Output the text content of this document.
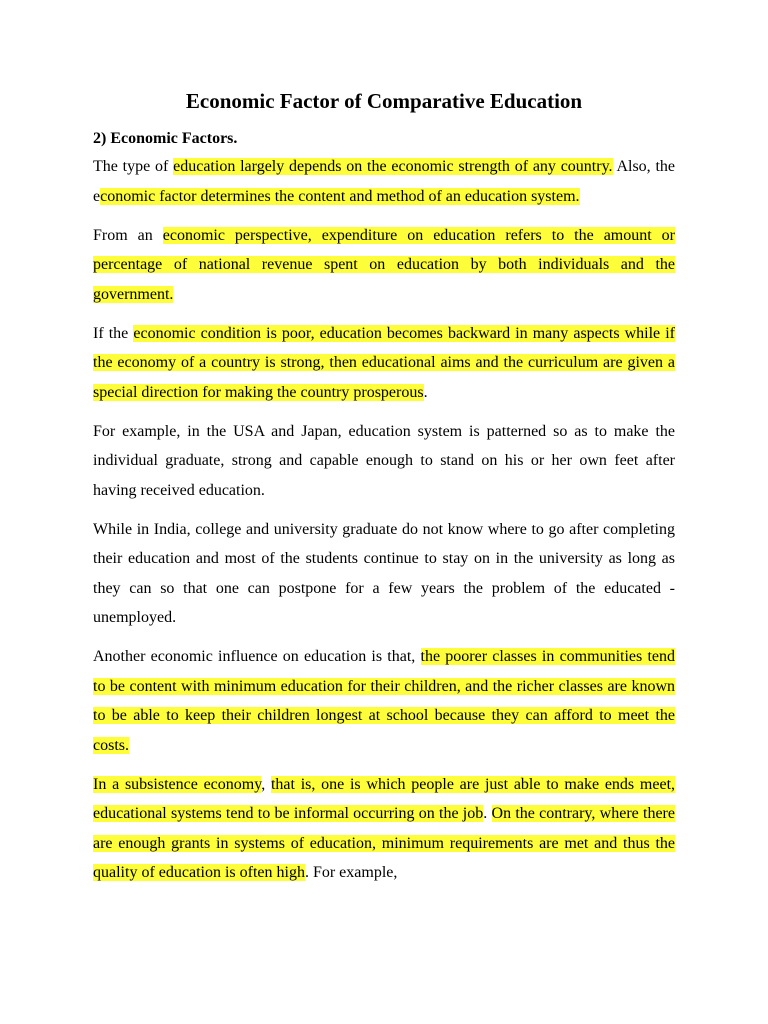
Economic Factor of Comparative Education
2) Economic Factors.

The type of education largely depends on the economic strength of any country. Also, the economic factor determines the content and method of an education system.

From an economic perspective, expenditure on education refers to the amount or percentage of national revenue spent on education by both individuals and the government.

If the economic condition is poor, education becomes backward in many aspects while if the economy of a country is strong, then educational aims and the curriculum are given a special direction for making the country prosperous.

For example, in the USA and Japan, education system is patterned so as to make the individual graduate, strong and capable enough to stand on his or her own feet after having received education.

While in India, college and university graduate do not know where to go after completing their education and most of the students continue to stay on in the university as long as they can so that one can postpone for a few years the problem of the educated - unemployed.

Another economic influence on education is that, the poorer classes in communities tend to be content with minimum education for their children, and the richer classes are known to be able to keep their children longest at school because they can afford to meet the costs.

In a subsistence economy, that is, one is which people are just able to make ends meet, educational systems tend to be informal occurring on the job. On the contrary, where there are enough grants in systems of education, minimum requirements are met and thus the quality of education is often high. For example,
